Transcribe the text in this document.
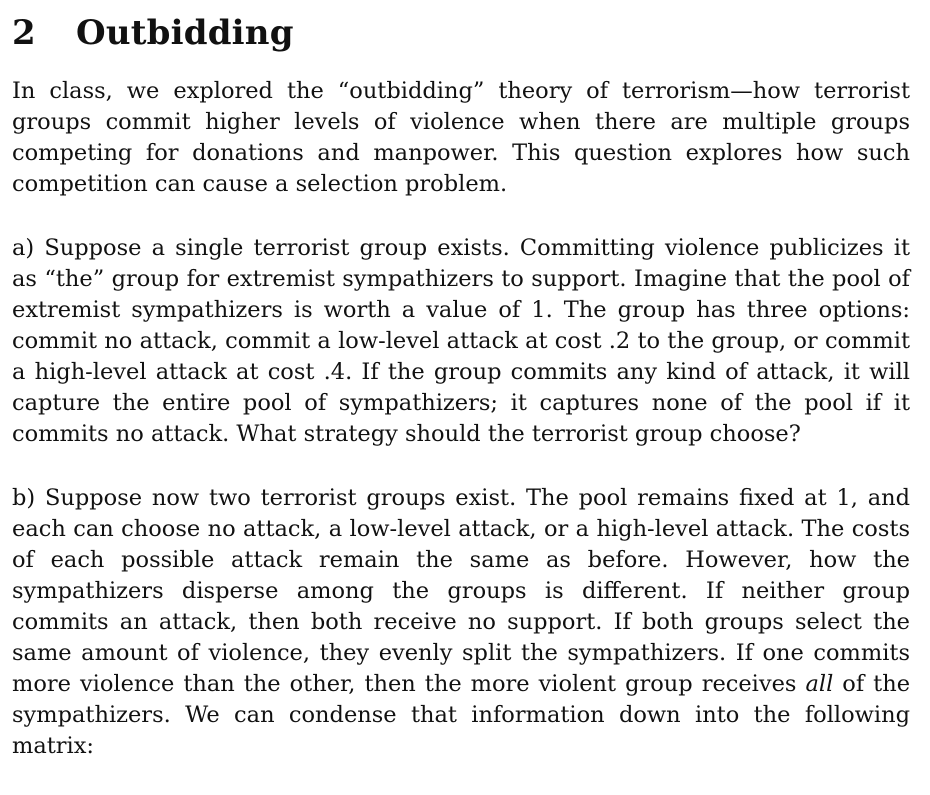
2	Outbidding

In class, we explored the “outbidding” theory of terrorism—how terrorist groups commit higher levels of violence when there are multiple groups competing for donations and manpower. This question explores how such competition can cause a selection problem.

a) Suppose a single terrorist group exists. Committing violence publicizes it as “the” group for extremist sympathizers to support. Imagine that the pool of extremist sympathizers is worth a value of 1. The group has three options: commit no attack, commit a low-level attack at cost .2 to the group, or commit a high-level attack at cost .4. If the group commits any kind of attack, it will capture the entire pool of sympathizers; it captures none of the pool if it commits no attack. What strategy should the terrorist group choose?

b) Suppose now two terrorist groups exist. The pool remains fixed at 1, and each can choose no attack, a low-level attack, or a high-level attack. The costs of each possible attack remain the same as before. However, how the sympathizers disperse among the groups is different. If neither group commits an attack, then both receive no support. If both groups select the same amount of violence, they evenly split the sympathizers. If one commits more violence than the other, then the more violent group receives all of the sympathizers. We can condense that information down into the following matrix:
